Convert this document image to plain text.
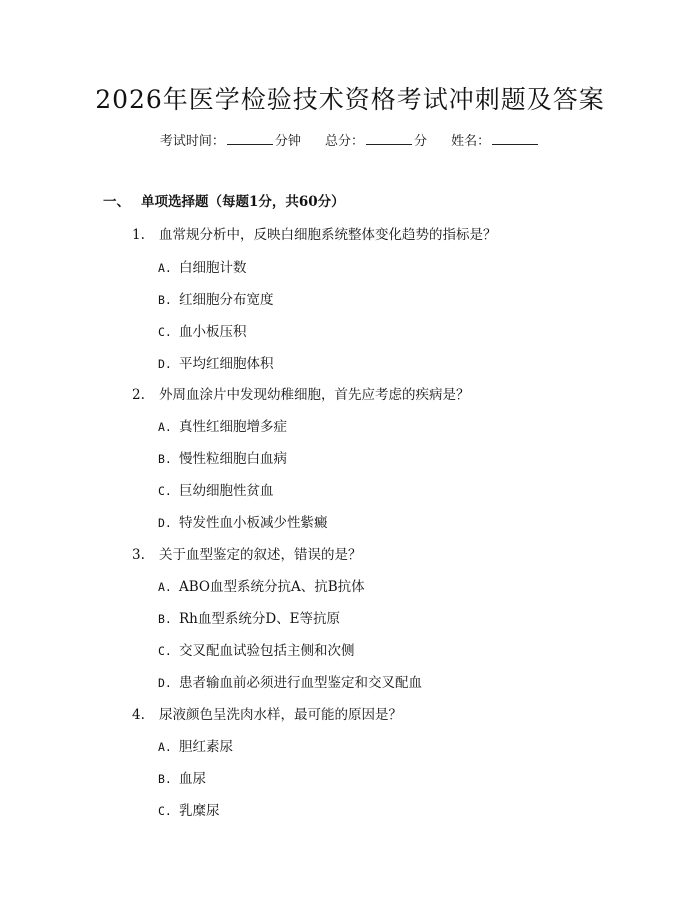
2026年医学检验技术资格考试冲刺题及答案
考试时间：	分钟 总分：	分 姓名：
一、 单项选择题（每题1分，共60分）
1. 血常规分析中，反映白细胞系统整体变化趋势的指标是？
A. 白细胞计数
B. 红细胞分布宽度
C. 血小板压积
D. 平均红细胞体积
2. 外周血涂片中发现幼稚细胞，首先应考虑的疾病是？
A. 真性红细胞增多症
B. 慢性粒细胞白血病
C. 巨幼细胞性贫血
D. 特发性血小板减少性紫癜
3. 关于血型鉴定的叙述，错误的是？
A. ABO血型系统分抗A、抗B抗体
B. Rh血型系统分D、E等抗原
C. 交叉配血试验包括主侧和次侧
D. 患者输血前必须进行血型鉴定和交叉配血
4. 尿液颜色呈洗肉水样，最可能的原因是？
A. 胆红素尿
B. 血尿
C. 乳糜尿
